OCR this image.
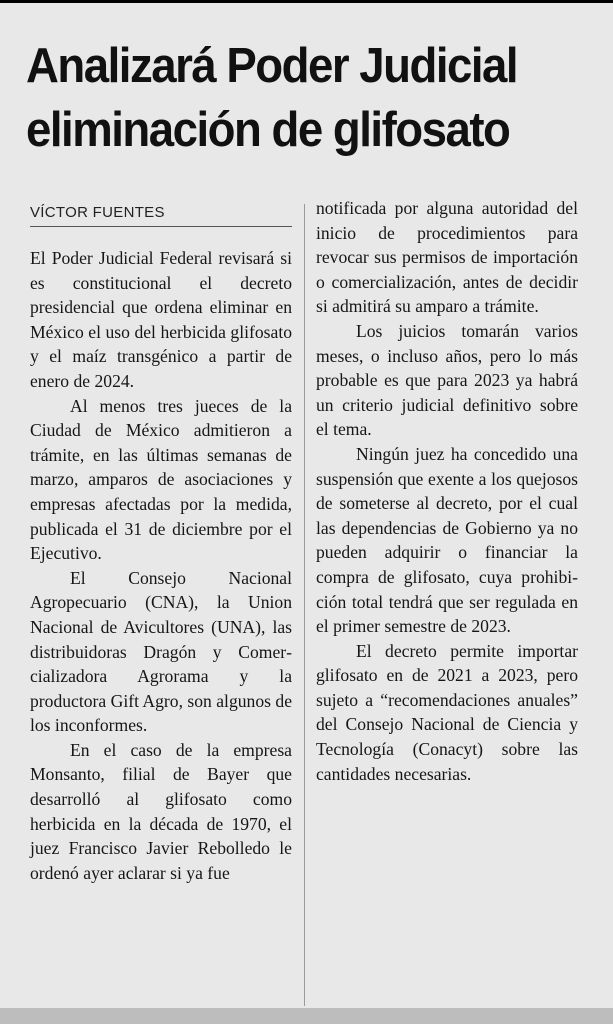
Analizará Poder Judicial
eliminación de glifosato
VÍCTOR FUENTES

El Poder Judicial Federal revisará si es constitucional el decreto presidencial que ordena eliminar en México el uso del herbicida glifosato y el maíz transgénico a partir de enero de 2024.

Al menos tres jueces de la Ciudad de México admitieron a trámite, en las últimas semanas de marzo, amparos de asociaciones y empresas afectadas por la medida, publicada el 31 de diciembre por el Ejecutivo.

El Consejo Nacional Agropecuario (CNA), la Union Nacional de Avicultores (UNA), las distribuidoras Dragón y Comercializadora Agrorama y la productora Gift Agro, son algunos de los inconformes.

En el caso de la empresa Monsanto, filial de Bayer que desarrolló al glifosato como herbicida en la década de 1970, el juez Francisco Javier Rebolledo le ordenó ayer aclarar si ya fue

notificada por alguna autoridad del inicio de procedimientos para revocar sus permisos de importación o comercialización, antes de decidir si admitirá su amparo a trámite.

Los juicios tomarán varios meses, o incluso años, pero lo más probable es que para 2023 ya habrá un criterio judicial definitivo sobre el tema.

Ningún juez ha concedido una suspensión que exente a los quejosos de someterse al decreto, por el cual las dependencias de Gobierno ya no pueden adquirir o financiar la compra de glifosato, cuya prohibición total tendrá que ser regulada en el primer semestre de 2023.

El decreto permite importar glifosato en de 2021 a 2023, pero sujeto a “recomendaciones anuales” del Consejo Nacional de Ciencia y Tecnología (Conacyt) sobre las cantidades necesarias.
